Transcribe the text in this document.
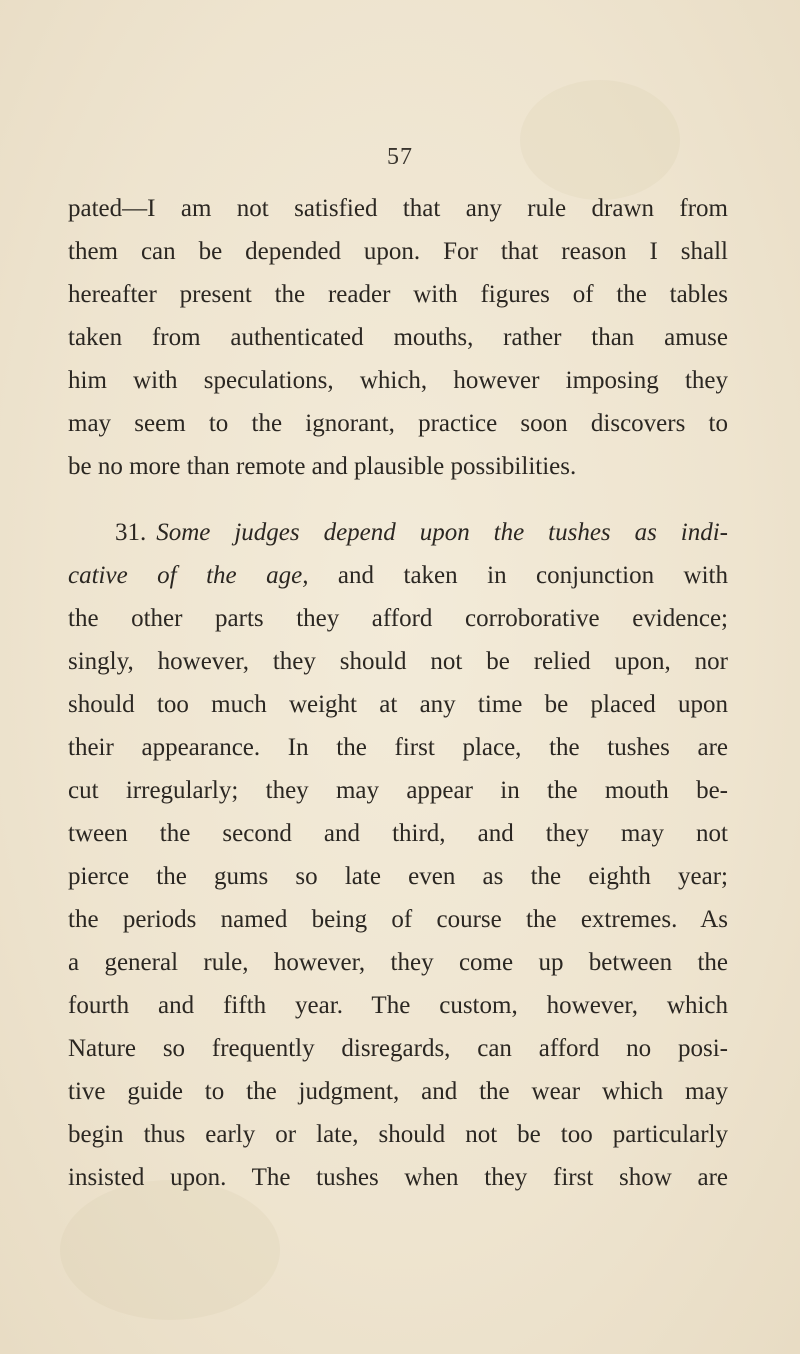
57
pated—I am not satisfied that any rule drawn from
them can be depended upon. For that reason I shall
hereafter present the reader with figures of the tables
taken from authenticated mouths, rather than amuse
him with speculations, which, however imposing they
may seem to the ignorant, practice soon discovers to
be no more than remote and plausible possibilities.
31. Some judges depend upon the tushes as indi-
cative of the age, and taken in conjunction with
the other parts they afford corroborative evidence;
singly, however, they should not be relied upon, nor
should too much weight at any time be placed upon
their appearance. In the first place, the tushes are
cut irregularly; they may appear in the mouth be-
tween the second and third, and they may not
pierce the gums so late even as the eighth year;
the periods named being of course the extremes. As
a general rule, however, they come up between the
fourth and fifth year. The custom, however, which
Nature so frequently disregards, can afford no posi-
tive guide to the judgment, and the wear which may
begin thus early or late, should not be too particularly
insisted upon. The tushes when they first show are
